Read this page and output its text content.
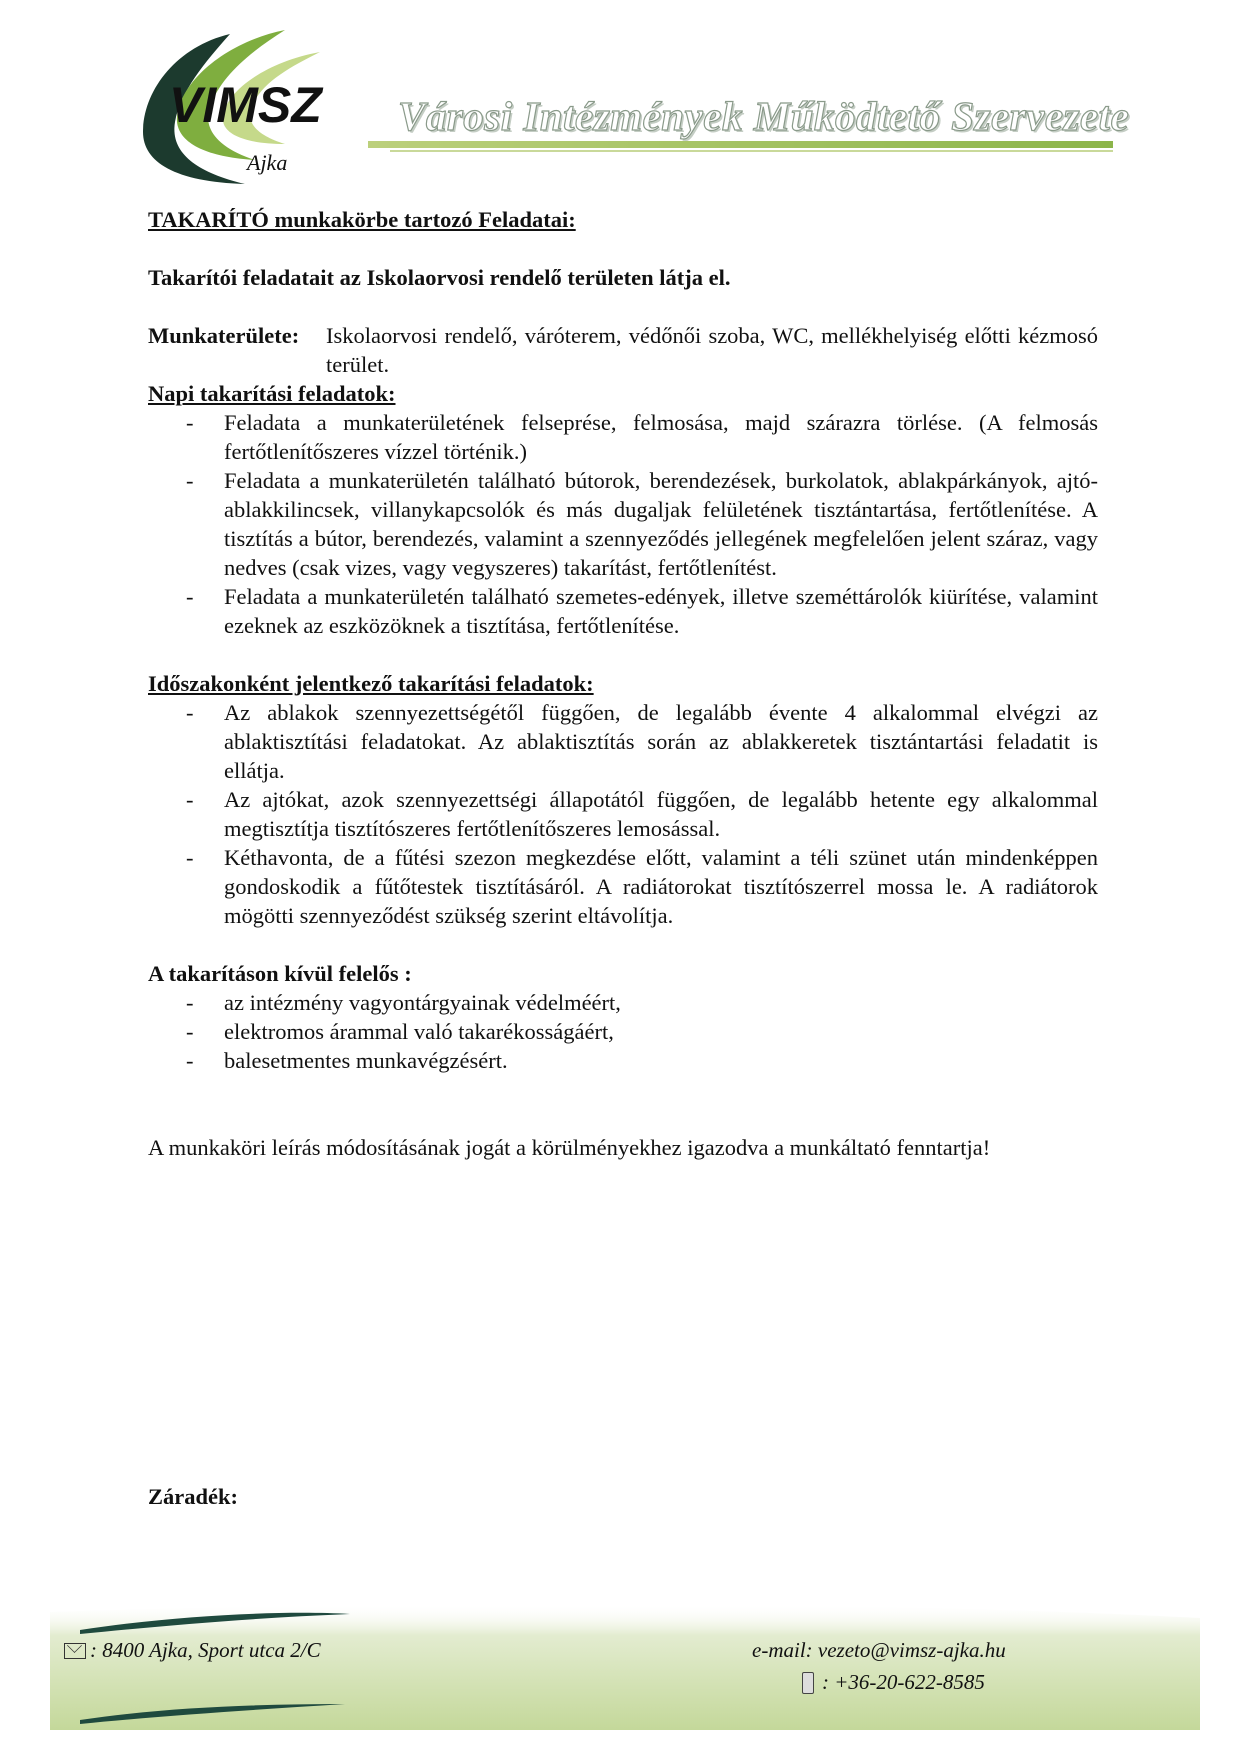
VIMSZ
Ajka
Városi Intézmények Működtető Szervezete

TAKARÍTÓ munkakörbe tartozó Feladatai:

Takarítói feladatait az Iskolaorvosi rendelő területen látja el.

Munkaterülete:	Iskolaorvosi rendelő, váróterem, védőnői szoba, WC, mellékhelyiség előtti kézmosó terület.

Napi takarítási feladatok:

- Feladata a munkaterületének felseprése, felmosása, majd szárazra törlése. (A felmosás fertőtlenítőszeres vízzel történik.)
- Feladata a munkaterületén található bútorok, berendezések, burkolatok, ablakpárkányok, ajtó- ablakkilincsek, villanykapcsolók és más dugaljak felületének tisztántartása, fertőtlenítése. A tisztítás a bútor, berendezés, valamint a szennyeződés jellegének megfelelően jelent száraz, vagy nedves (csak vizes, vagy vegyszeres) takarítást, fertőtlenítést.
- Feladata a munkaterületén található szemetes-edények, illetve szeméttárolók kiürítése, valamint ezeknek az eszközöknek a tisztítása, fertőtlenítése.

Időszakonként jelentkező takarítási feladatok:

- Az ablakok szennyezettségétől függően, de legalább évente 4 alkalommal elvégzi az ablaktisztítási feladatokat. Az ablaktisztítás során az ablakkeretek tisztántartási feladatit is ellátja.
- Az ajtókat, azok szennyezettségi állapotától függően, de legalább hetente egy alkalommal megtisztítja tisztítószeres fertőtlenítőszeres lemosással.
- Kéthavonta, de a fűtési szezon megkezdése előtt, valamint a téli szünet után mindenképpen gondoskodik a fűtőtestek tisztításáról. A radiátorokat tisztítószerrel mossa le. A radiátorok mögötti szennyeződést szükség szerint eltávolítja.

A takarításon kívül felelős :

- az intézmény vagyontárgyainak védelméért,
- elektromos árammal való takarékosságáért,
- balesetmentes munkavégzésért.

A munkaköri leírás módosításának jogát a körülményekhez igazodva a munkáltató fenntartja!

Záradék:

: 8400 Ajka, Sport utca 2/C	e-mail: vezeto@vimsz-ajka.hu
: +36-20-622-8585
